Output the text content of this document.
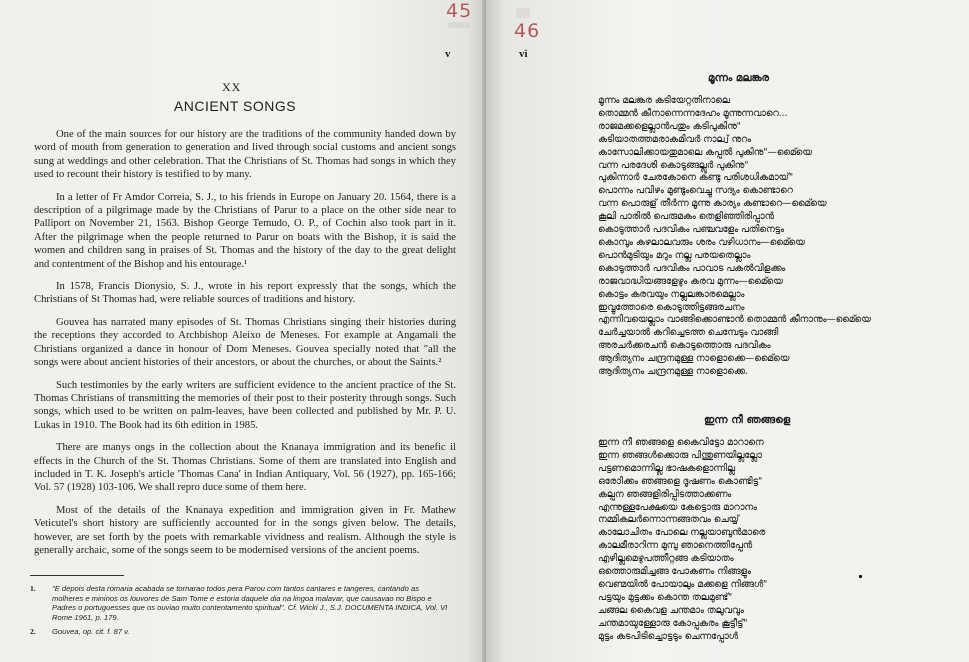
45
v
XX
ANCIENT SONGS

One of the main sources for our history are the traditions of the community handed down by word of mouth from generation to generation and lived through social customs and ancient songs sung at weddings and other celebration. That the Christians of St. Thomas had songs in which they used to recount their history is testified to by many.

In a letter of Fr Amdor Correia, S. J., to his friends in Europe on January 20. 1564, there is a description of a pilgrimage made by the Christians of Parur to a place on the other side near to Palliport on November 21, 1563. Bishop George Temudo, O. P., of Cochin also took part in it. After the pilgrimage when the people returned to Parur on boats with the Bishop, it is said the women and children sang in praises of St. Thomas and the history of the day to the great delight and contentment of the Bishop and his entourage.¹

In 1578, Francis Dionysio, S. J., wrote in his report expressly that the songs, which the Christians of St Thomas had, were reliable sources of traditions and history.

Gouvea has narrated many episodes of St. Thomas Christians singing their histories during the receptions they accorded to Archbishop Aleixo de Meneses. For example at Angamali the Christians organized a dance in honour of Dom Meneses. Gouvea specially noted that "all the songs were about ancient histories of their ancestors, or about the churches, or about the Saints.²

Such testimonies by the early writers are sufficient evidence to the ancient practice of the St. Thomas Christians of transmitting the memories of their post to their posterity through songs. Such songs, which used to be written on palm-leaves, have been collected and published by Mr. P. U. Lukas in 1910. The Book had its 6th edition in 1985.

There are manys ongs in the collection about the Knanaya immigration and its benefic il effects in the Church of the St. Thomas Christians. Some of them are translated into English and included in T. K. Joseph's article 'Thomas Cana' in Indian Antiquary, Vol. 56 (1927), pp. 165-166; Vol. 57 (1928) 103-106. We shall repro duce some of them here.

Most of the details of the Knanaya expedition and immigration given in Fr. Mathew Veticutel's short history are sufficiently accounted for in the songs given below. The details, however, are set forth by the poets with remarkable vividness and realism. Although the style is generally archaic, some of the songs seem to be modernised versions of the ancient poems.

1.	"E depois desta romaria acabada se tornarao todos pera Parou com tantos cantares e tangeres, cantando as molheres e mininos os louvores de Sam Tome e estoria daquele dia na lingoa malavar, que causavao no Bispo e Padres o portuguesses que os ouviao muito contentamento spiritual". Cf. Wicki J., S.J. DOCUMENTA INDICA, Vol. VI Rome 1961, p. 179.
2.	Gouvea, op. cit. f. 87 v.
46
vi
മൂന്നം മലങ്കര
മൂന്നം മലങ്കര കടിയേറ്റതിനാലെ
തൊമ്മൻ കീനാന്നെന്നദേഹം മൂന്നുന്നവാറെ...
രാജമക്കളെല്ലാൻപതും കടിപുകിനു"
കടിയാതത്തമരാകമിവർ നാല്വ് നുറം
കാസോലിക്കായതുമാലെ കപ്പൽ പുകിനു"—മൈ്യെ
വന്ന പരദേശി കൊടുങ്ങല്ലൂർ പുകിനു"
പുകിന്നാർ ചേരകോനെ കണ്ടു പരിശധികമായ്"
പൊന്നം പവിഴം മുണ്ടുംവെച്ചു സദ്യം കൊണ്ടാറെ
വന്ന പൊരുള് തീർന്ന മൂന്നു കാര്യം കണ്ടാറെ—മൈ്യെ
കൂലി പാരിൽ പെരുമകം തെളിഞ്ഞിരിപ്പാൻ
കൊടുത്താർ പദവികം പഞ്ചവളേം പതിനെട്ടം
കൊമ്പും കഴലാലവരും ശരം വഴിധാനം—മൈ്യെ
പൊൻമുടിയും മറും നല്ല പരയതെല്ലാം
കൊടുത്താർ പദവികം പാവാട പകൽവിളക്കം
രാജവാദ്ധിയങ്ങളേഴും കരവ മുന്നം—മൈ്യെ
കൊട്ടം കരവയും നല്ലലങ്കാരമെല്ലാം
ഇവ്വുത്തോരെ കൊടുത്തിട്ടങ്ങരചനം
എന്നിവയെല്ലാം വാങ്ങിക്കൊണ്ടാൻ തൊമ്മൻ കീനാനും—മൈ്യെ
ചേർച്ചയാൽ കറിച്ചെടത്ത ചെമ്പേടും വാങ്ങി
അരചർക്കരചൻ കൊടുത്തൊരു പദവികം
ആദിത്യനം ചന്ദ്രനമുള്ള നാളൊക്കെ—മൈ്യെ
ആദിത്യനം ചന്ദ്രനമുള്ള നാളൊക്കെ.
ഇന്ന നീ ഞങ്ങളെ
ഇന്ന നീ ഞങ്ങളെ കൈവിട്ടോ മാറാനെ
ഇന്ന ഞങ്ങൾക്കൊരു പിന്തുണയില്ലല്ലോ
പട്ടണമൊന്നില്ല ഭാഷകളൊന്നില്ല
ഒരാേിക്കം ഞങ്ങളെ ദൂഷണം കൊണ്ടിട്ട"
കല്പന ഞങ്ങളിരിപ്പിടത്താക്കണം
എന്നുള്ളപേക്ഷയെ കേട്ടൊരു മാറാനം
നമ്മികലർന്നൊന്നങ്ങതവം ചെയ്യ്
കാലോചിതം പോലെ നല്ലയാബുൻമാരെ
കാലമീരാറിന്ന മുമ്പു ഞാനെത്തിപ്പേൻ
എഴില്ലമെഴുപത്തീറ്റങ്ങ കടിയാതം
ഒത്തൊരുമിച്ചങ്ങ പോകണം നിങ്ങളും
വെണ്മയിൽ പോയാലും മക്കളെ നിങ്ങൾ"
പട്ടയും മുട്ടക്കം കൊന്ത തലമുണ്ട്"
ചങ്ങല കൈവള ചന്തമാം തലുവവും
ചന്തമായുള്ളോരു കോപ്പകരം കൂട്ടീട്ട്"
മുട്ടം കടപിടിച്ചൊട്ടടും ചെന്നപ്പോൾ
